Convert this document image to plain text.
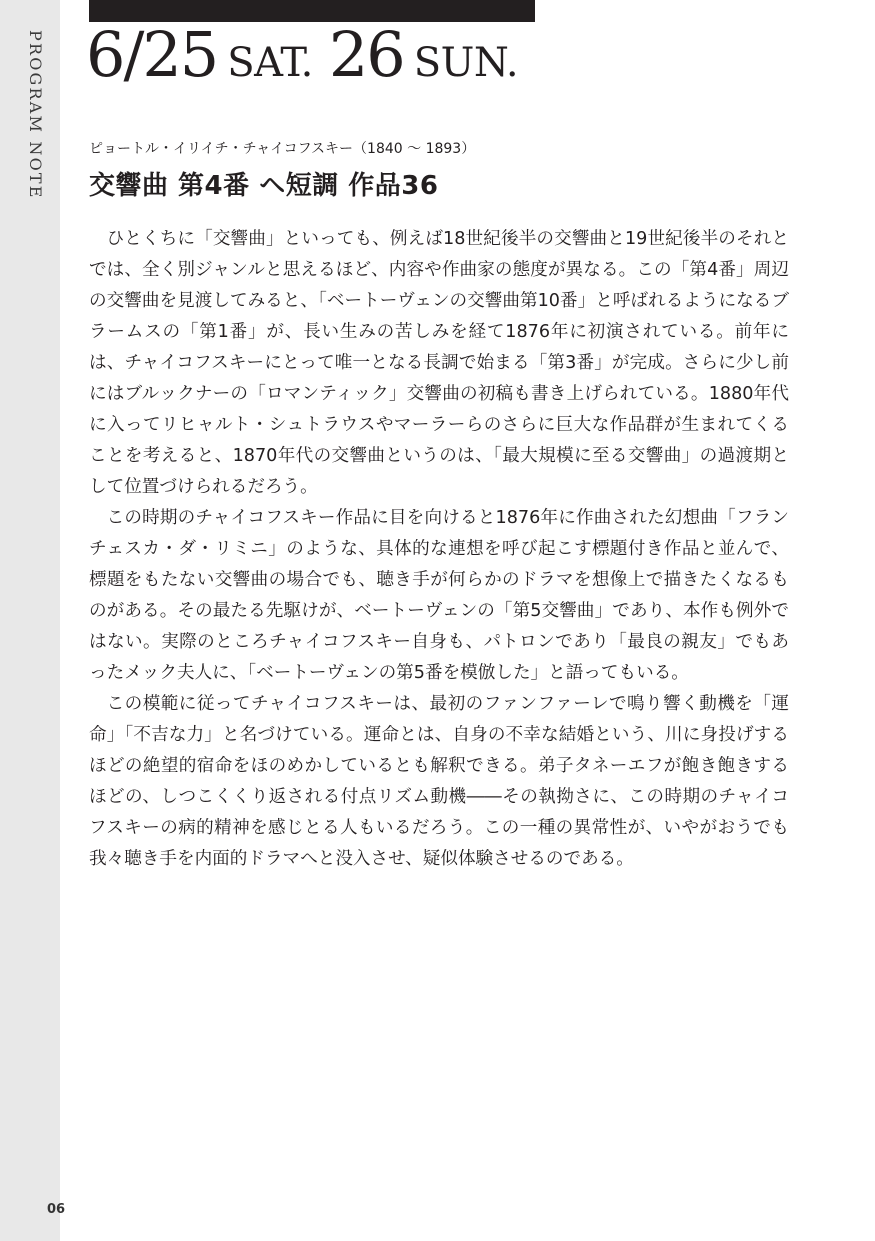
PROGRAM NOTE
06
6/25 SAT. 26 SUN.
ピョートル・イリイチ・チャイコフスキー（1840 〜 1893）
交響曲 第4番 ヘ短調 作品36

ひとくちに「交響曲」といっても、例えば18世紀後半の交響曲と19世紀後半のそれとでは、全く別ジャンルと思えるほど、内容や作曲家の態度が異なる。この「第4番」周辺の交響曲を見渡してみると、「ベートーヴェンの交響曲第10番」と呼ばれるようになるブラームスの「第1番」が、長い生みの苦しみを経て1876年に初演されている。前年には、チャイコフスキーにとって唯一となる長調で始まる「第3番」が完成。さらに少し前にはブルックナーの「ロマンティック」交響曲の初稿も書き上げられている。1880年代に入ってリヒャルト・シュトラウスやマーラーらのさらに巨大な作品群が生まれてくることを考えると、1870年代の交響曲というのは、「最大規模に至る交響曲」の過渡期として位置づけられるだろう。

この時期のチャイコフスキー作品に目を向けると1876年に作曲された幻想曲「フランチェスカ・ダ・リミニ」のような、具体的な連想を呼び起こす標題付き作品と並んで、標題をもたない交響曲の場合でも、聴き手が何らかのドラマを想像上で描きたくなるものがある。その最たる先駆けが、ベートーヴェンの「第5交響曲」であり、本作も例外ではない。実際のところチャイコフスキー自身も、パトロンであり「最良の親友」でもあったメック夫人に、「ベートーヴェンの第5番を模倣した」と語ってもいる。

この模範に従ってチャイコフスキーは、最初のファンファーレで鳴り響く動機を「運命」「不吉な力」と名づけている。運命とは、自身の不幸な結婚という、川に身投げするほどの絶望的宿命をほのめかしているとも解釈できる。弟子タネーエフが飽き飽きするほどの、しつこくくり返される付点リズム動機――その執拗さに、この時期のチャイコフスキーの病的精神を感じとる人もいるだろう。この一種の異常性が、いやがおうでも我々聴き手を内面的ドラマへと没入させ、疑似体験させるのである。
